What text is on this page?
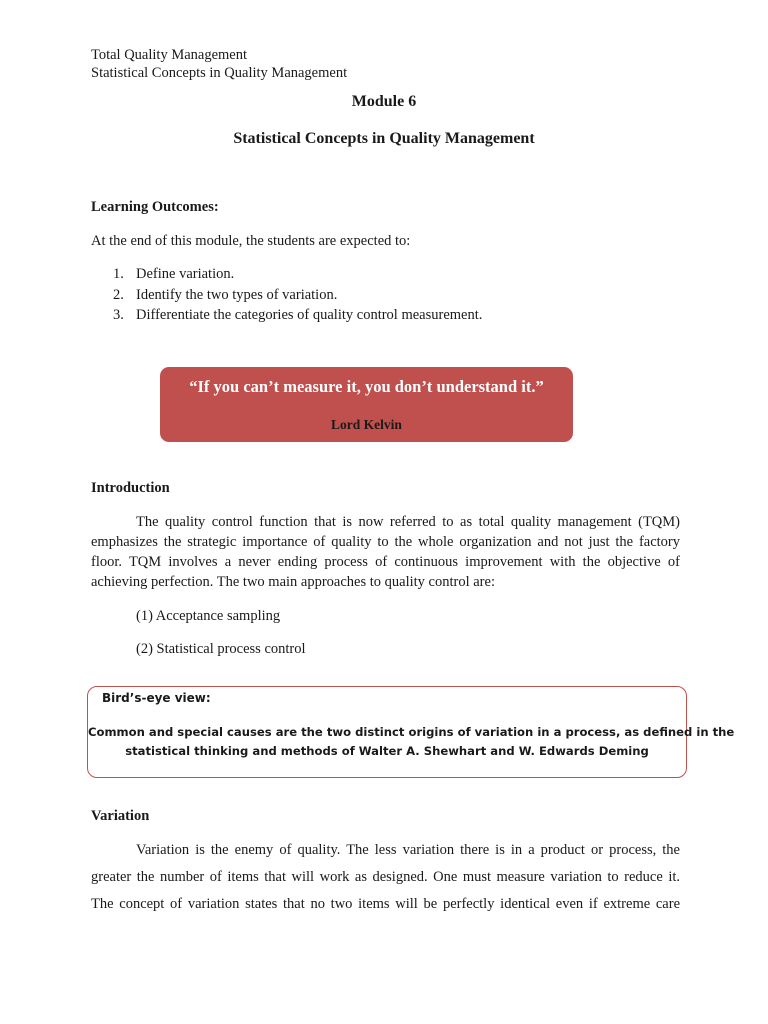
Total Quality Management
Statistical Concepts in Quality Management
Module 6
Statistical Concepts in Quality Management
Learning Outcomes:
At the end of this module, the students are expected to:
1. Define variation.
2. Identify the two types of variation.
3. Differentiate the categories of quality control measurement.
“If you can’t measure it, you don’t understand it.”
Lord Kelvin
Introduction
The quality control function that is now referred to as total quality management (TQM)
emphasizes the strategic importance of quality to the whole organization and not just the factory
floor. TQM involves a never ending process of continuous improvement with the objective of
achieving perfection. The two main approaches to quality control are:
(1) Acceptance sampling
(2) Statistical process control
Bird’s-eye view:
Common and special causes are the two distinct origins of variation in a process, as defined in the
statistical thinking and methods of Walter A. Shewhart and W. Edwards Deming
Variation
Variation is the enemy of quality. The less variation there is in a product or process, the
greater the number of items that will work as designed. One must measure variation to reduce it.
The concept of variation states that no two items will be perfectly identical even if extreme care
